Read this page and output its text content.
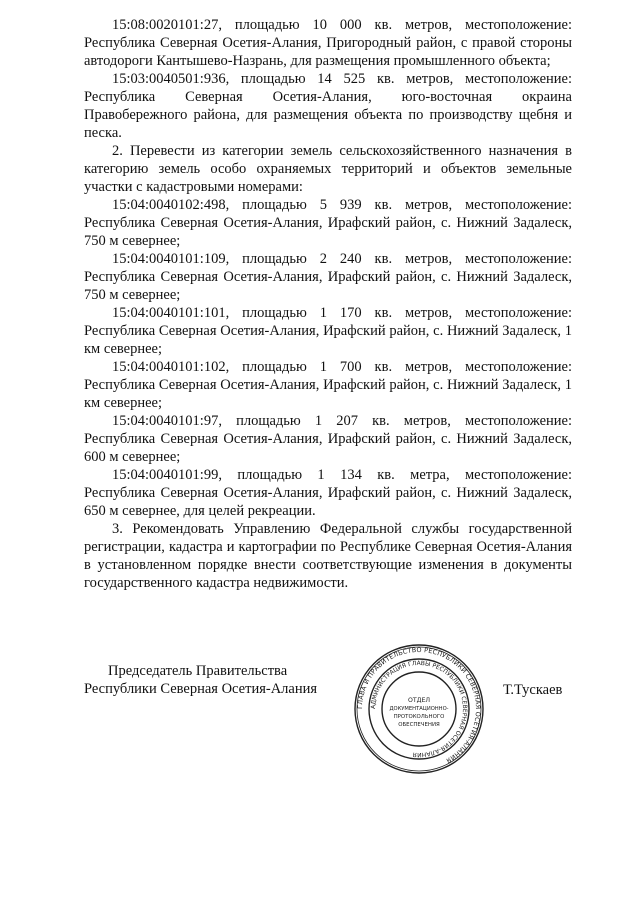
15:08:0020101:27, площадью 10 000 кв. метров, местоположение: Республика Северная Осетия-Алания, Пригородный район, с правой стороны автодороги Кантышево-Назрань, для размещения промышленного объекта;

15:03:0040501:936, площадью 14 525 кв. метров, местоположение: Республика Северная Осетия-Алания, юго-восточная окраина Правобережного района, для размещения объекта по производству щебня и песка.

2. Перевести из категории земель сельскохозяйственного назначения в категорию земель особо охраняемых территорий и объектов земельные участки с кадастровыми номерами:

15:04:0040102:498, площадью 5 939 кв. метров, местоположение: Республика Северная Осетия-Алания, Ирафский район, с. Нижний Задалеск, 750 м севернее;

15:04:0040101:109, площадью 2 240 кв. метров, местоположение: Республика Северная Осетия-Алания, Ирафский район, с. Нижний Задалеск, 750 м севернее;

15:04:0040101:101, площадью 1 170 кв. метров, местоположение: Республика Северная Осетия-Алания, Ирафский район, с. Нижний Задалеск, 1 км севернее;

15:04:0040101:102, площадью 1 700 кв. метров, местоположение: Республика Северная Осетия-Алания, Ирафский район, с. Нижний Задалеск, 1 км севернее;

15:04:0040101:97, площадью 1 207 кв. метров, местоположение: Республика Северная Осетия-Алания, Ирафский район, с. Нижний Задалеск, 600 м севернее;

15:04:0040101:99, площадью 1 134 кв. метра, местоположение: Республика Северная Осетия-Алания, Ирафский район, с. Нижний Задалеск, 650 м севернее, для целей рекреации.

3. Рекомендовать Управлению Федеральной службы государственной регистрации, кадастра и картографии по Республике Северная Осетия-Алания в установленном порядке внести соответствующие изменения в документы государственного кадастра недвижимости.

Председатель Правительства
Республики Северная Осетия-Алания	Т.Тускаев
ГЛАВА И ПРАВИТЕЛЬСТВО РЕСПУБЛИКИ СЕВЕРНАЯ ОСЕТИЯ-АЛАНИЯ
АДМИНИСТРАЦИЯ ГЛАВЫ РЕСПУБЛИКИ СЕВЕРНАЯ ОСЕТИЯ-АЛАНИЯ
ОТДЕЛ
ДОКУМЕНТАЦИОННО-
ПРОТОКОЛЬНОГО
ОБЕСПЕЧЕНИЯ
